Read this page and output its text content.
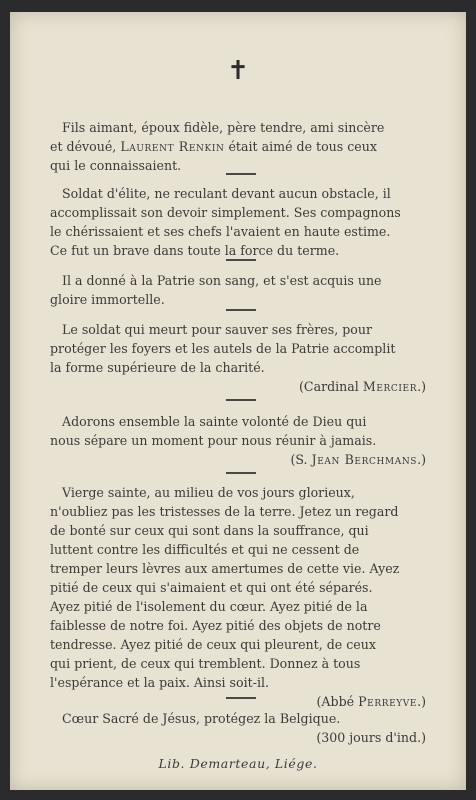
✝
Fils aimant, époux fidèle, père tendre, ami sincère
et dévoué, Laurent Renkin était aimé de tous ceux
qui le connaissaient.
Soldat d'élite, ne reculant devant aucun obstacle, il
accomplissait son devoir simplement. Ses compagnons
le chérissaient et ses chefs l'avaient en haute estime.
Ce fut un brave dans toute la force du terme.
Il a donné à la Patrie son sang, et s'est acquis une
gloire immortelle.
Le soldat qui meurt pour sauver ses frères, pour
protéger les foyers et les autels de la Patrie accomplit
la forme supérieure de la charité.
(Cardinal Mercier.)
Adorons ensemble la sainte volonté de Dieu qui
nous sépare un moment pour nous réunir à jamais.
(S. Jean Berchmans.)
Vierge sainte, au milieu de vos jours glorieux,
n'oubliez pas les tristesses de la terre. Jetez un regard
de bonté sur ceux qui sont dans la souffrance, qui
luttent contre les difficultés et qui ne cessent de
tremper leurs lèvres aux amertumes de cette vie. Ayez
pitié de ceux qui s'aimaient et qui ont été séparés.
Ayez pitié de l'isolement du cœur. Ayez pitié de la
faiblesse de notre foi. Ayez pitié des objets de notre
tendresse. Ayez pitié de ceux qui pleurent, de ceux
qui prient, de ceux qui tremblent. Donnez à tous
l'espérance et la paix. Ainsi soit-il.
(Abbé Perreyve.)
Cœur Sacré de Jésus, protégez la Belgique.
(300 jours d'ind.)
Lib. Demarteau, Liége.
